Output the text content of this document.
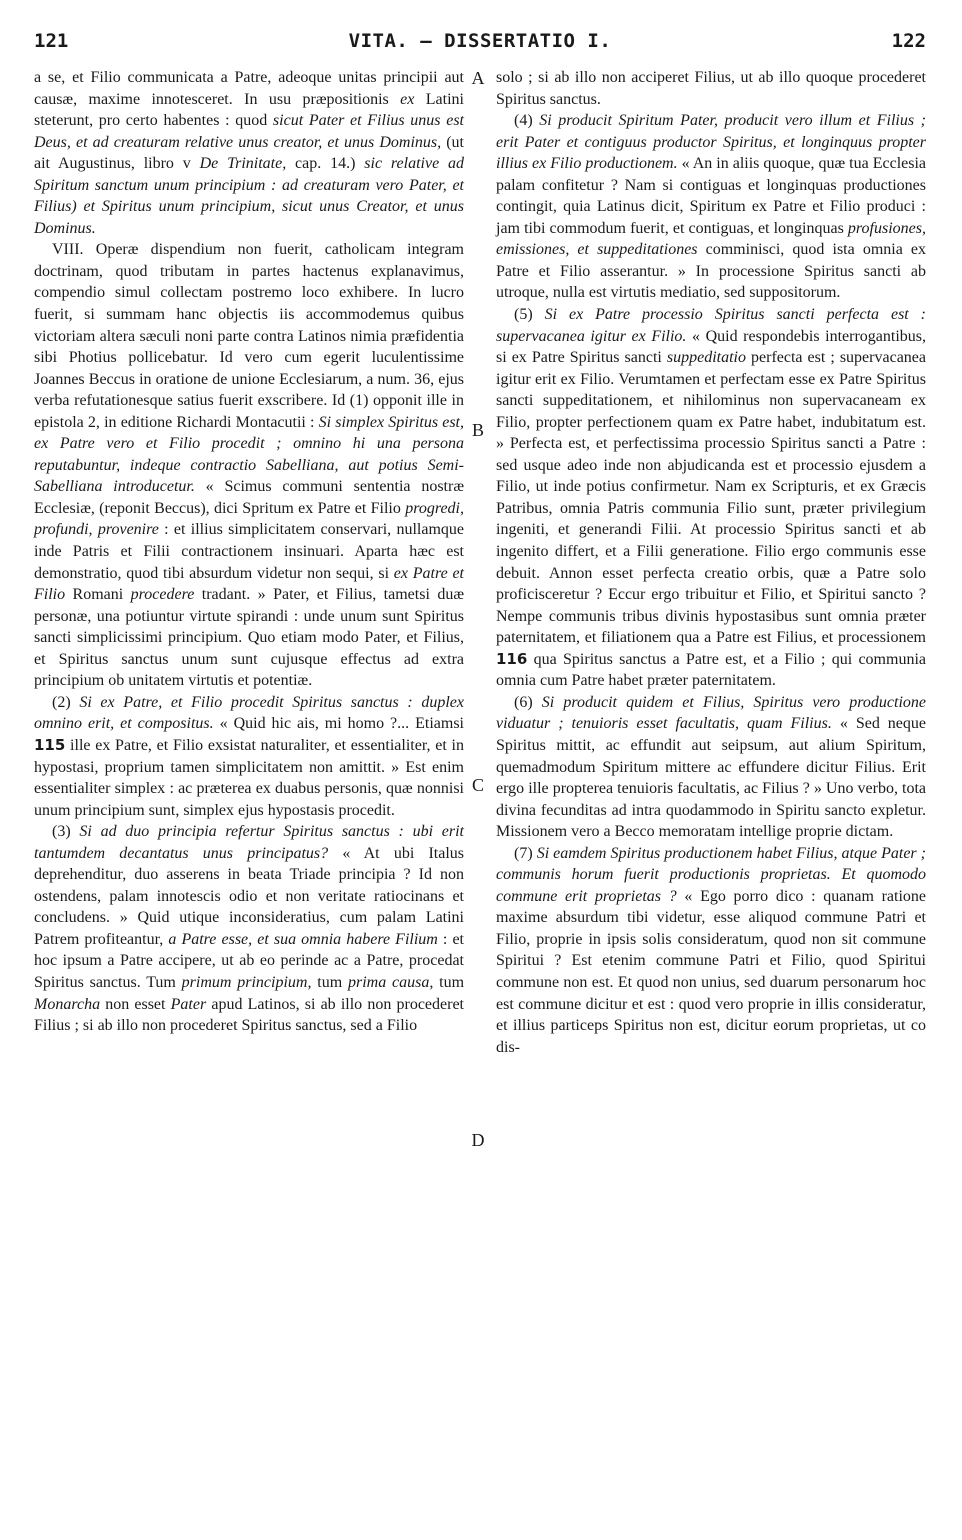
121	VITA. — DISSERTATIO I.	122
A
B
C
D

a se, et Filio communicata a Patre, adeoque unitas principii aut causæ, maxime innotesceret. In usu præpositionis ex Latini steterunt, pro certo habentes : quod sicut Pater et Filius unus est Deus, et ad creaturam relative unus creator, et unus Dominus, (ut ait Augustinus, libro v De Trinitate, cap. 14.) sic relative ad Spiritum sanctum unum principium : ad creaturam vero Pater, et Filius) et Spiritus unum principium, sicut unus Creator, et unus Dominus.

VIII. Operæ dispendium non fuerit, catholicam integram doctrinam, quod tributam in partes hactenus explanavimus, compendio simul collectam postremo loco exhibere. In lucro fuerit, si summam hanc objectis iis accommodemus quibus victoriam altera sæculi noni parte contra Latinos nimia præfidentia sibi Photius pollicebatur. Id vero cum egerit luculentissime Joannes Beccus in oratione de unione Ecclesiarum, a num. 36, ejus verba refutationesque satius fuerit exscribere. Id (1) opponit ille in epistola 2, in editione Richardi Montacutii : Si simplex Spiritus est, ex Patre vero et Filio procedit ; omnino hi una persona reputabuntur, indeque contractio Sabelliana, aut potius Semi-Sabelliana introducetur. « Scimus communi sententia nostræ Ecclesiæ, (reponit Beccus), dici Spritum ex Patre et Filio progredi, profundi, provenire : et illius simplicitatem conservari, nullamque inde Patris et Filii contractionem insinuari. Aparta hæc est demonstratio, quod tibi absurdum videtur non sequi, si ex Patre et Filio Romani procedere tradant. » Pater, et Filius, tametsi duæ personæ, una potiuntur virtute spirandi : unde unum sunt Spiritus sancti simplicissimi principium. Quo etiam modo Pater, et Filius, et Spiritus sanctus unum sunt cujusque effectus ad extra principium ob unitatem virtutis et potentiæ.

(2) Si ex Patre, et Filio procedit Spiritus sanctus : duplex omnino erit, et compositus. « Quid hic ais, mi homo ?... Etiamsi 115 ille ex Patre, et Filio exsistat naturaliter, et essentialiter, et in hypostasi, proprium tamen simplicitatem non amittit. » Est enim essentialiter simplex : ac præterea ex duabus personis, quæ nonnisi unum principium sunt, simplex ejus hypostasis procedit.

(3) Si ad duo principia refertur Spiritus sanctus : ubi erit tantumdem decantatus unus principatus? « At ubi Italus deprehenditur, duo asserens in beata Triade principia ? Id non ostendens, palam innotescis odio et non veritate ratiocinans et concludens. » Quid utique inconsideratius, cum palam Latini Patrem profiteantur, a Patre esse, et sua omnia habere Filium : et hoc ipsum a Patre accipere, ut ab eo perinde ac a Patre, procedat Spiritus sanctus. Tum primum principium, tum prima causa, tum Monarcha non esset Pater apud Latinos, si ab illo non procederet Filius ; si ab illo non procederet Spiritus sanctus, sed a Filio

solo ; si ab illo non acciperet Filius, ut ab illo quoque procederet Spiritus sanctus.

(4) Si producit Spiritum Pater, producit vero illum et Filius ; erit Pater et contiguus productor Spiritus, et longinquus propter illius ex Filio productionem. « An in aliis quoque, quæ tua Ecclesia palam confitetur ? Nam si contiguas et longinquas productiones contingit, quia Latinus dicit, Spiritum ex Patre et Filio produci : jam tibi commodum fuerit, et contiguas, et longinquas profusiones, emissiones, et suppeditationes comminisci, quod ista omnia ex Patre et Filio asserantur. » In processione Spiritus sancti ab utroque, nulla est virtutis mediatio, sed suppositorum.

(5) Si ex Patre processio Spiritus sancti perfecta est : supervacanea igitur ex Filio. « Quid respondebis interrogantibus, si ex Patre Spiritus sancti suppeditatio perfecta est ; supervacanea igitur erit ex Filio. Verumtamen et perfectam esse ex Patre Spiritus sancti suppeditationem, et nihilominus non supervacaneam ex Filio, propter perfectionem quam ex Patre habet, indubitatum est. » Perfecta est, et perfectissima processio Spiritus sancti a Patre : sed usque adeo inde non abjudicanda est et processio ejusdem a Filio, ut inde potius confirmetur. Nam ex Scripturis, et ex Græcis Patribus, omnia Patris communia Filio sunt, præter privilegium ingeniti, et generandi Filii. At processio Spiritus sancti et ab ingenito differt, et a Filii generatione. Filio ergo communis esse debuit. Annon esset perfecta creatio orbis, quæ a Patre solo proficisceretur ? Eccur ergo tribuitur et Filio, et Spiritui sancto ? Nempe communis tribus divinis hypostasibus sunt omnia præter paternitatem, et filiationem qua a Patre est Filius, et processionem 116 qua Spiritus sanctus a Patre est, et a Filio ; qui communia omnia cum Patre habet præter paternitatem.

(6) Si producit quidem et Filius, Spiritus vero productione viduatur ; tenuioris esset facultatis, quam Filius. « Sed neque Spiritus mittit, ac effundit aut seipsum, aut alium Spiritum, quemadmodum Spiritum mittere ac effundere dicitur Filius. Erit ergo ille propterea tenuioris facultatis, ac Filius ? » Uno verbo, tota divina fecunditas ad intra quodammodo in Spiritu sancto expletur. Missionem vero a Becco memoratam intellige proprie dictam.

(7) Si eamdem Spiritus productionem habet Filius, atque Pater ; communis horum fuerit productionis proprietas. Et quomodo commune erit proprietas ? « Ego porro dico : quanam ratione maxime absurdum tibi videtur, esse aliquod commune Patri et Filio, proprie in ipsis solis consideratum, quod non sit commune Spiritui ? Est etenim commune Patri et Filio, quod Spiritui commune non est. Et quod non unius, sed duarum personarum hoc est commune dicitur et est : quod vero proprie in illis consideratur, et illius particeps Spiritus non est, dicitur eorum proprietas, ut co dis-
